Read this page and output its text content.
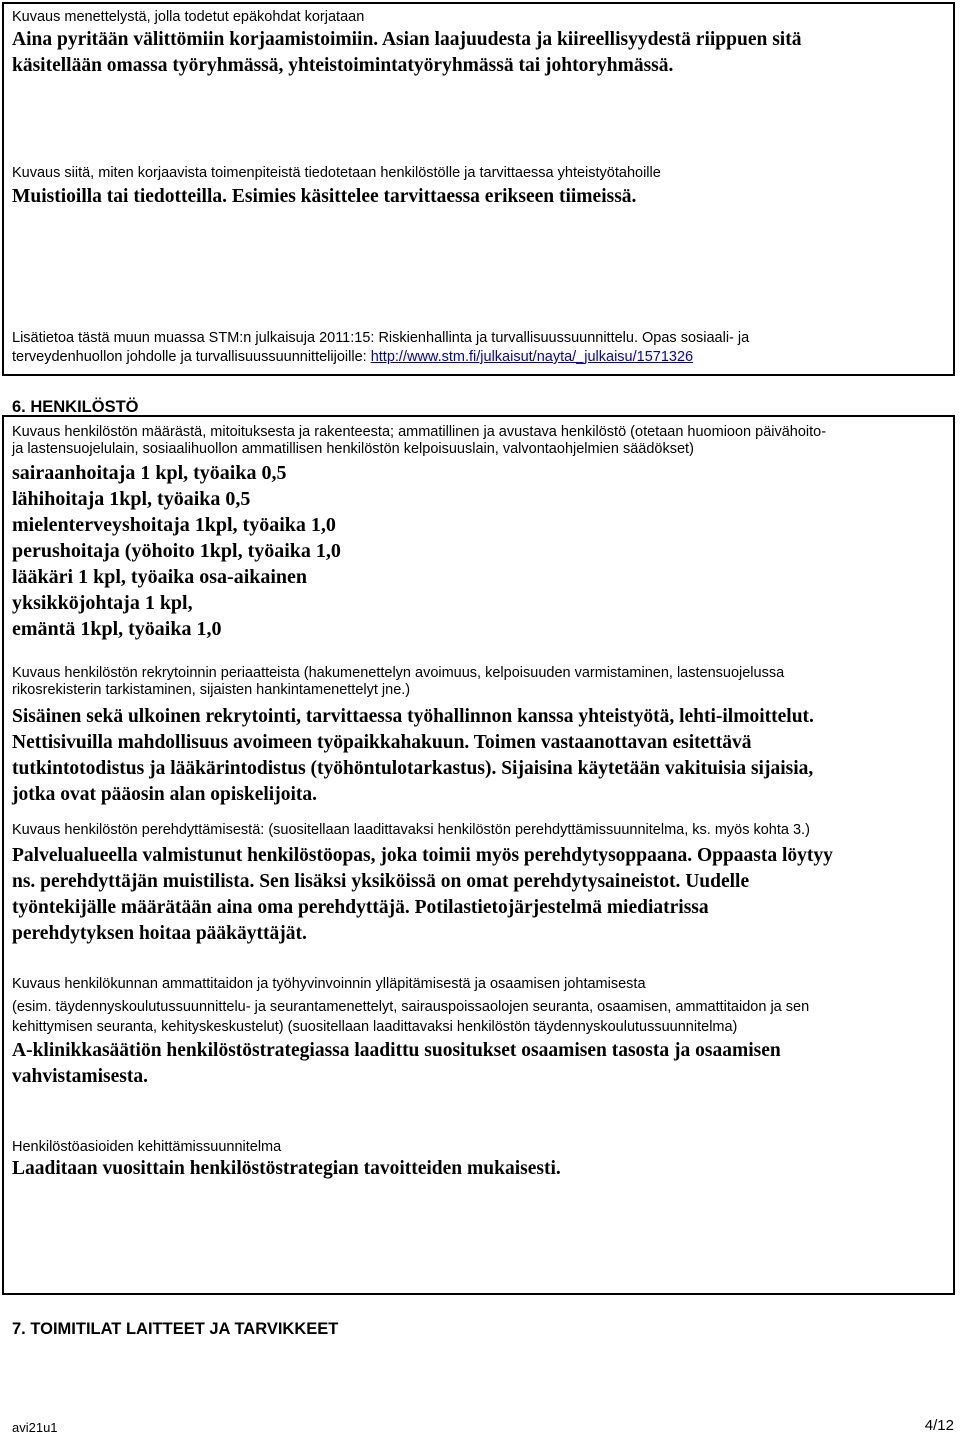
Kuvaus menettelystä, jolla todetut epäkohdat korjataan

Aina pyritään välittömiin korjaamistoimiin. Asian laajuudesta ja kiireellisyydestä riippuen sitä

käsitellään omassa työryhmässä, yhteistoimintatyöryhmässä tai johtoryhmässä.

Kuvaus siitä, miten korjaavista toimenpiteistä tiedotetaan henkilöstölle ja tarvittaessa yhteistyötahoille

Muistioilla tai tiedotteilla. Esimies käsittelee tarvittaessa erikseen tiimeissä.

Lisätietoa tästä muun muassa STM:n julkaisuja 2011:15: Riskienhallinta ja turvallisuussuunnittelu. Opas sosiaali- ja

terveydenhuollon johdolle ja turvallisuussuunnittelijoille: http://www.stm.fi/julkaisut/nayta/_julkaisu/1571326

6. HENKILÖSTÖ

Kuvaus henkilöstön määrästä, mitoituksesta ja rakenteesta; ammatillinen ja avustava henkilöstö (otetaan huomioon päivähoito-

ja lastensuojelulain, sosiaalihuollon ammatillisen henkilöstön kelpoisuuslain, valvontaohjelmien säädökset)

sairaanhoitaja 1 kpl, työaika 0,5

lähihoitaja 1kpl, työaika 0,5

mielenterveyshoitaja 1kpl, työaika 1,0

perushoitaja (yöhoito 1kpl, työaika 1,0

lääkäri 1 kpl, työaika osa-aikainen

yksikköjohtaja 1 kpl,

emäntä 1kpl, työaika 1,0

Kuvaus henkilöstön rekrytoinnin periaatteista (hakumenettelyn avoimuus, kelpoisuuden varmistaminen, lastensuojelussa

rikosrekisterin tarkistaminen, sijaisten hankintamenettelyt jne.)

Sisäinen sekä ulkoinen rekrytointi, tarvittaessa työhallinnon kanssa yhteistyötä, lehti-ilmoittelut.

Nettisivuilla mahdollisuus avoimeen työpaikkahakuun. Toimen vastaanottavan esitettävä

tutkintotodistus ja lääkärintodistus (työhöntulotarkastus). Sijaisina käytetään vakituisia sijaisia,

jotka ovat pääosin alan opiskelijoita.

Kuvaus henkilöstön perehdyttämisestä: (suositellaan laadittavaksi henkilöstön perehdyttämissuunnitelma, ks. myös kohta 3.)

Palvelualueella valmistunut henkilöstöopas, joka toimii myös perehdytysoppaana. Oppaasta löytyy

ns. perehdyttäjän muistilista. Sen lisäksi yksiköissä on omat perehdytysaineistot. Uudelle

työntekijälle määrätään aina oma perehdyttäjä. Potilastietojärjestelmä miediatrissa

perehdytyksen hoitaa pääkäyttäjät.

Kuvaus henkilökunnan ammattitaidon ja työhyvinvoinnin ylläpitämisestä ja osaamisen johtamisesta

(esim. täydennyskoulutussuunnittelu- ja seurantamenettelyt, sairauspoissaolojen seuranta, osaamisen, ammattitaidon ja sen

kehittymisen seuranta, kehityskeskustelut) (suositellaan laadittavaksi henkilöstön täydennyskoulutussuunnitelma)

A-klinikkasäätiön henkilöstöstrategiassa laadittu suositukset osaamisen tasosta ja osaamisen

vahvistamisesta.

Henkilöstöasioiden kehittämissuunnitelma

Laaditaan vuosittain henkilöstöstrategian tavoitteiden mukaisesti.

7. TOIMITILAT LAITTEET JA TARVIKKEET

avi21u1	4/12
